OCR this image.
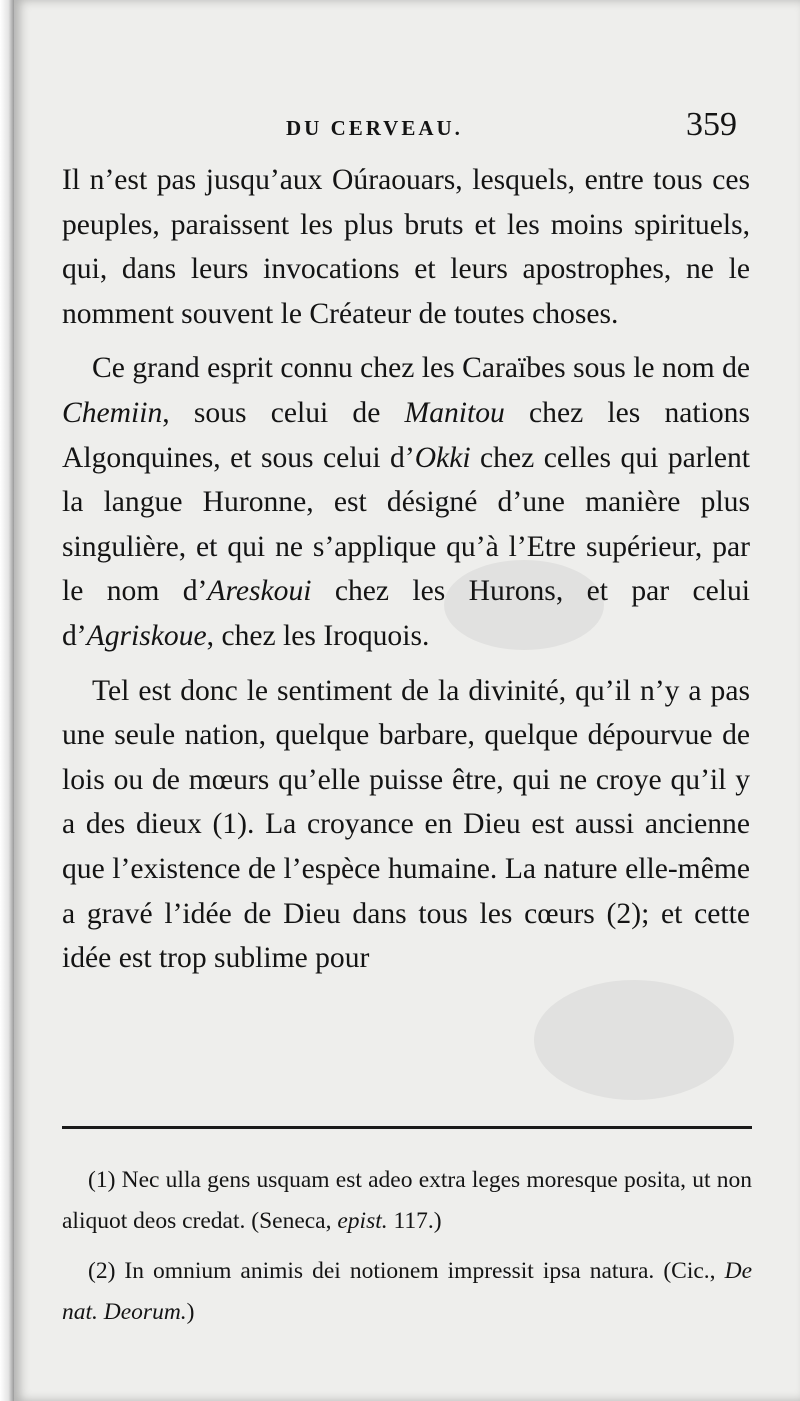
DU CERVEAU.	359

Il n’est pas jusqu’aux Oúraouars, lesquels, entre tous ces peuples, paraissent les plus bruts et les moins spirituels, qui, dans leurs invocations et leurs apostrophes, ne le nomment souvent le Créateur de toutes choses.

Ce grand esprit connu chez les Caraïbes sous le nom de Chemiin, sous celui de Manitou chez les nations Algonquines, et sous celui d’Okki chez celles qui parlent la langue Huronne, est désigné d’une manière plus singulière, et qui ne s’applique qu’à l’Etre supérieur, par le nom d’Areskoui chez les Hurons, et par celui d’Agriskoue, chez les Iroquois.

Tel est donc le sentiment de la divinité, qu’il n’y a pas une seule nation, quelque barbare, quelque dépourvue de lois ou de mœurs qu’elle puisse être, qui ne croye qu’il y a des dieux (1). La croyance en Dieu est aussi ancienne que l’existence de l’espèce humaine. La nature elle-même a gravé l’idée de Dieu dans tous les cœurs (2); et cette idée est trop sublime pour

(1) Nec ulla gens usquam est adeo extra leges moresque posita, ut non aliquot deos credat. (Seneca, epist. 117.)

(2) In omnium animis dei notionem impressit ipsa natura. (Cic., De nat. Deorum.)
